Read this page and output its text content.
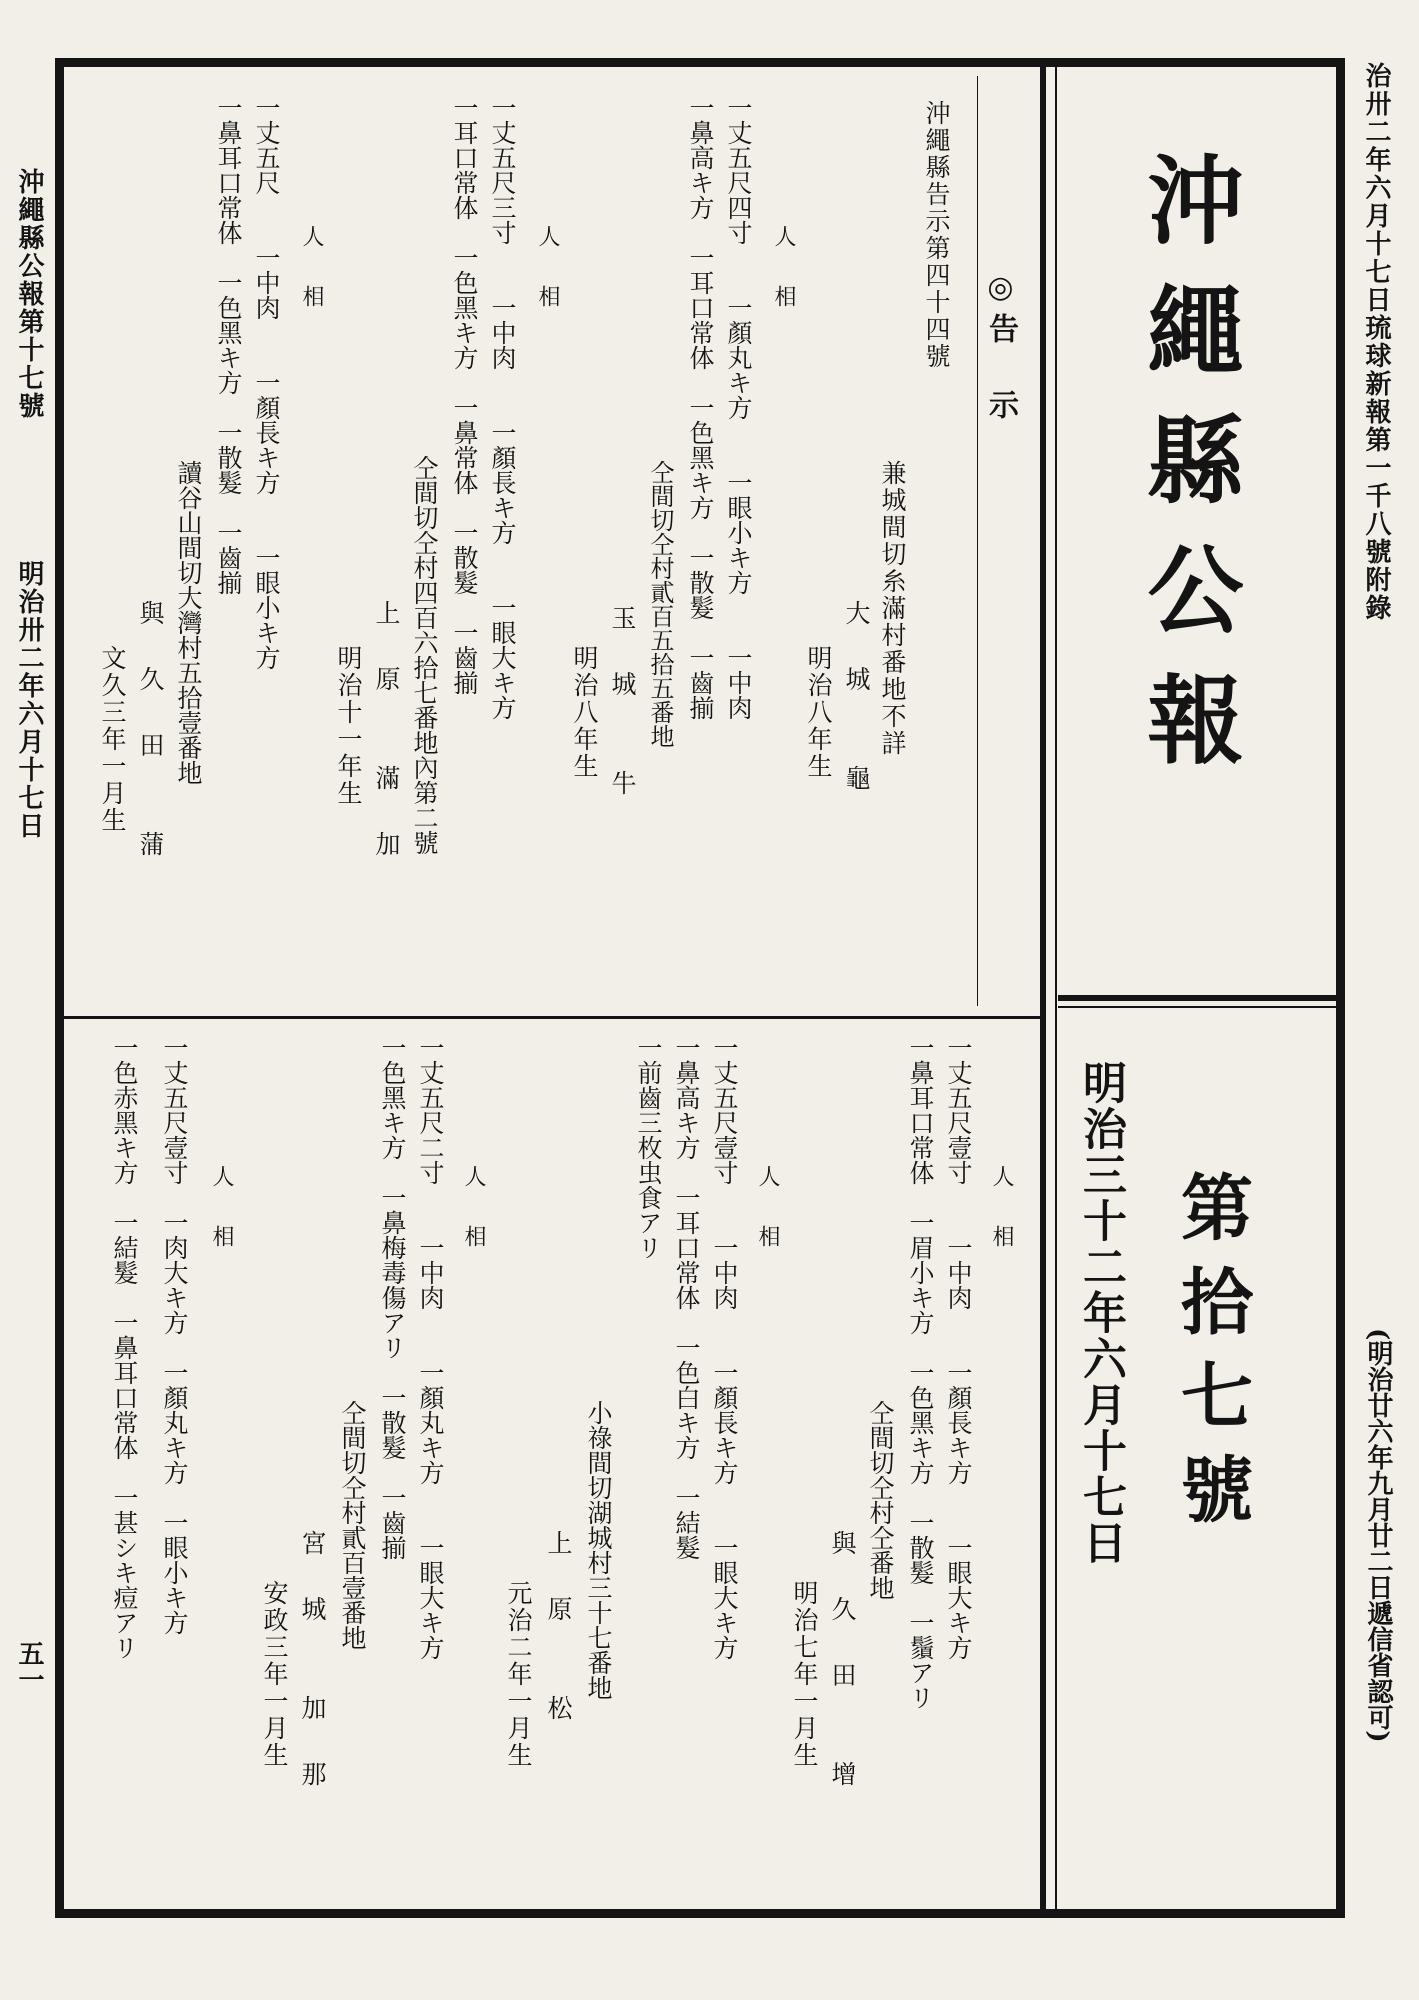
治卅二年六月十七日琉球新報第一千八號附錄
(明治廿六年九月廿二日遞信省認可)
沖繩縣公報第十七號
明治卅二年六月十七日
五一
沖繩縣公報
第拾七號
明治三十二年六月十七日
◎告　示
沖繩縣告示第四十四號
兼城間切糸滿村番地不詳
大　城　　龜
明治八年生
人　相
一丈五尺四寸　　一顏丸キ方　　一眼小キ方　　一中肉
一鼻高キ方　一耳口常体　一色黑キ方　一散髮　一齒揃
仝間切仝村貳百五拾五番地
玉　城　　牛
明治八年生
人　相
一丈五尺三寸　　一中肉　　一顏長キ方　　一眼大キ方
一耳口常体　一色黑キ方　一鼻常体　一散髮　一齒揃
仝間切仝村四百六拾七番地內第二號
上　原　　滿　加
明治十一年生
人　相
一丈五尺　　一中肉　　一顏長キ方　　一眼小キ方
一鼻耳口常体　一色黑キ方　一散髮　一齒揃
讀谷山間切大灣村五拾壹番地
與　久　田　　蒲
文久三年一月生
人　相
一丈五尺壹寸　　一中肉　　一顏長キ方　　一眼大キ方
一鼻耳口常体　一眉小キ方　一色黑キ方　一散髮　一鬚アリ
仝間切仝村仝番地
與　久　田　　增
明治七年一月生
人　相
一丈五尺壹寸　　一中肉　　一顏長キ方　　一眼大キ方
一鼻高キ方　一耳口常体　一色白キ方　一結髮
一前齒三枚虫食アリ
小祿間切湖城村三十七番地
上　原　　松
元治二年一月生
人　相
一丈五尺二寸　　一中肉　　一顏丸キ方　　一眼大キ方
一色黑キ方　一鼻梅毒傷アリ　一散髮　一齒揃
仝間切仝村貳百壹番地
宮　城　　加　那
安政三年一月生
人　相
一丈五尺壹寸　一肉大キ方　一顏丸キ方　一眼小キ方
一色赤黑キ方　一結髮　一鼻耳口常体　一甚シキ痘アリ
